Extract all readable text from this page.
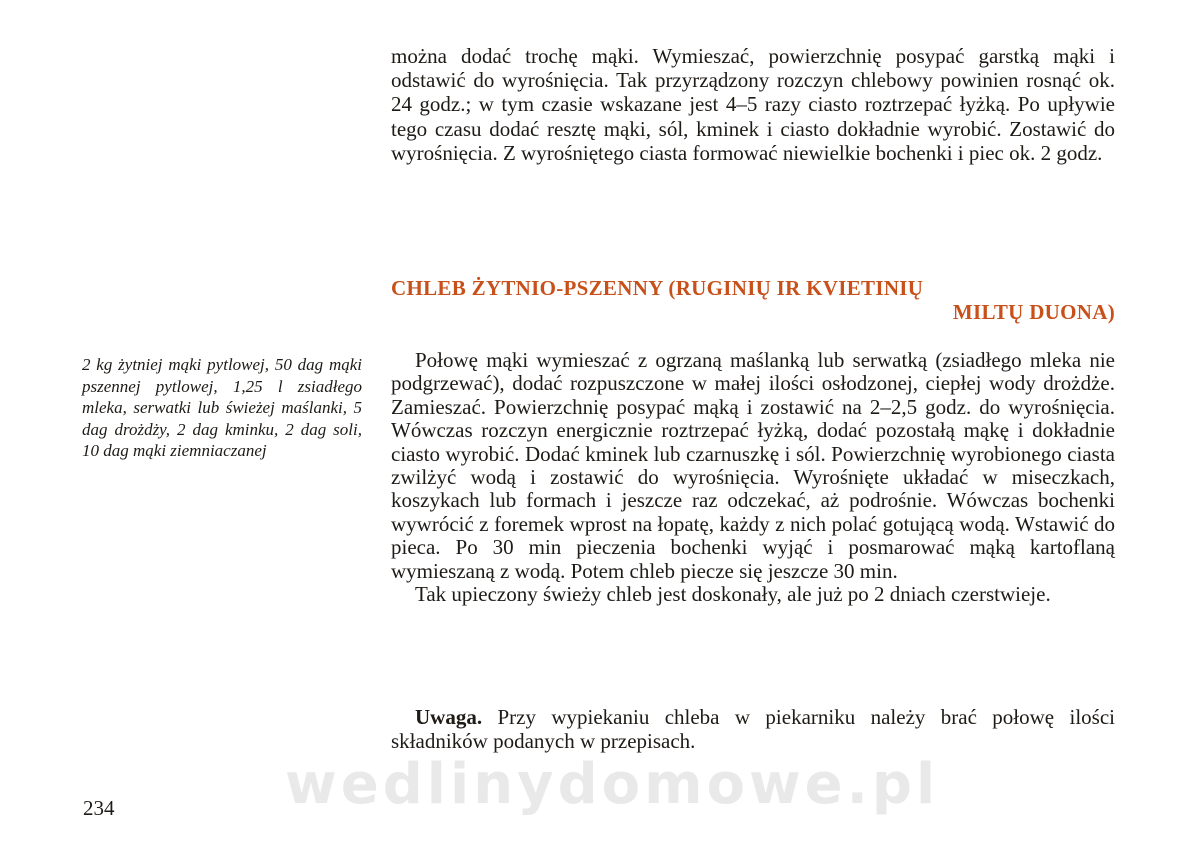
można dodać trochę mąki. Wymieszać, powierzchnię posypać garstką mąki i odstawić do wyrośnięcia. Tak przyrządzony rozczyn chlebowy powinien rosnąć ok. 24 godz.; w tym czasie wskazane jest 4–5 razy ciasto roztrzepać łyżką. Po upływie tego czasu dodać resztę mąki, sól, kminek i ciasto dokładnie wyrobić. Zostawić do wyrośnięcia. Z wyrośniętego ciasta formować niewielkie bochenki i piec ok. 2 godz.

CHLEB ŻYTNIO-PSZENNY (RUGINIŲ IR KVIETINIŲ
MILTŲ DUONA)

2 kg żytniej mąki pytlowej, 50 dag mąki pszennej pytlowej, 1,25 l zsiadłego mleka, serwatki lub świeżej maślanki, 5 dag drożdży, 2 dag kminku, 2 dag soli, 10 dag mąki ziemniaczanej

Połowę mąki wymieszać z ogrzaną maślanką lub serwatką (zsiadłego mleka nie podgrzewać), dodać rozpuszczone w małej ilości osłodzonej, ciepłej wody drożdże. Zamieszać. Powierzchnię posypać mąką i zostawić na 2–2,5 godz. do wyrośnięcia. Wówczas rozczyn energicznie roztrzepać łyżką, dodać pozostałą mąkę i dokładnie ciasto wyrobić. Dodać kminek lub czarnuszkę i sól. Powierzchnię wyrobionego ciasta zwilżyć wodą i zostawić do wyrośnięcia. Wyrośnięte układać w miseczkach, koszykach lub formach i jeszcze raz odczekać, aż podrośnie. Wówczas bochenki wywrócić z foremek wprost na łopatę, każdy z nich polać gotującą wodą. Wstawić do pieca. Po 30 min pieczenia bochenki wyjąć i posmarować mąką kartoflaną wymieszaną z wodą. Potem chleb piecze się jeszcze 30 min.

Tak upieczony świeży chleb jest doskonały, ale już po 2 dniach czerstwieje.

Uwaga. Przy wypiekaniu chleba w piekarniku należy brać połowę ilości składników podanych w przepisach.

wedlinydomowe.pl

234
